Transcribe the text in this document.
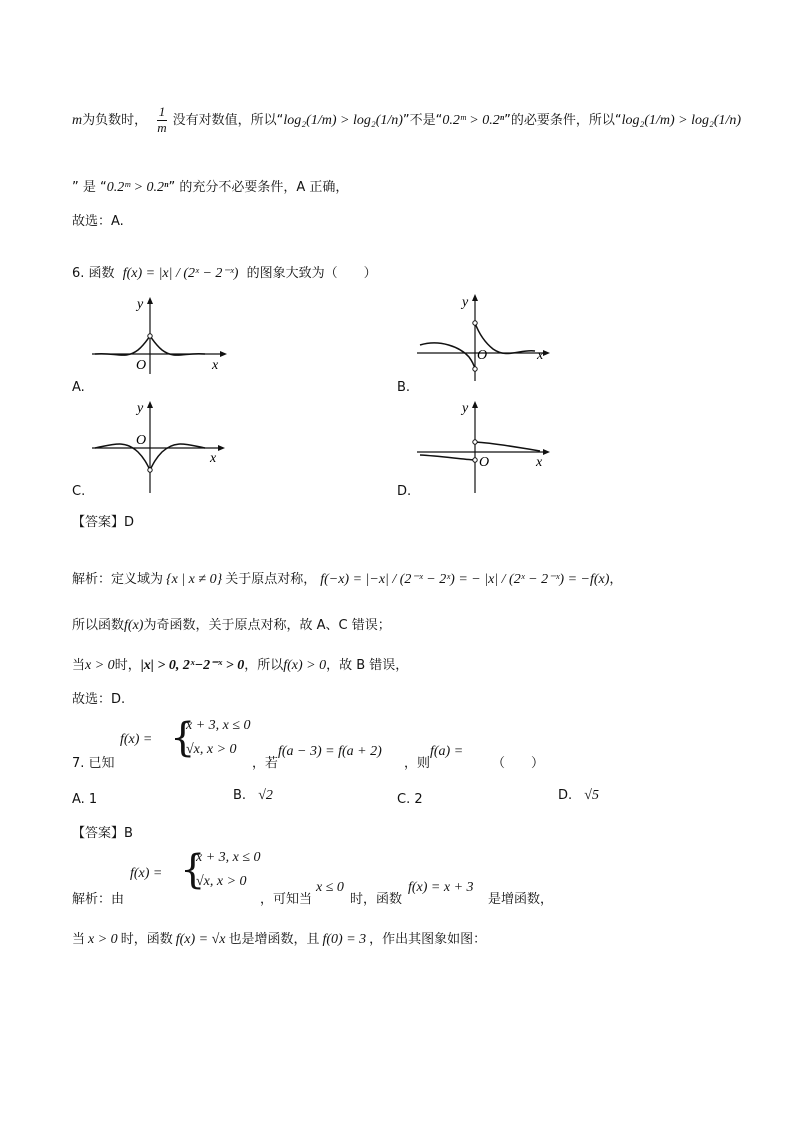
m为负数时， $\frac{1}{m}$ 没有对数值，所以“log₂(1/m) > log₂(1/n)”不是“0.2ᵐ > 0.2ⁿ”的必要条件，所以“log₂(1/m) > log₂(1/n)
” 是 “0.2ᵐ > 0.2ⁿ” 的充分不必要条件，A 正确，
故选：A.
6. 函数 f(x) = |x| / (2ˣ − 2⁻ˣ) 的图象大致为（　　）
y
x
O
A.
y
x
O
B.
y
x
O
C.
y
x
O
D.
【答案】D
解析：定义域为 {x | x ≠ 0} 关于原点对称， f(−x) = |−x| / (2⁻ˣ − 2ˣ) = − |x| / (2ˣ − 2⁻ˣ) = −f(x)，
所以函数f(x)为奇函数，关于原点对称，故 A、C 错误；
当x > 0时，|x| > 0, 2ˣ−2⁻ˣ > 0，所以f(x) > 0，故 B 错误，
故选：D.
7. 已知
f(x) = {
x + 3, x ≤ 0
√x, x > 0
，若
f(a − 3) = f(a + 2)
，则
f(a) =
（　　）
A. 1	B. √2	C. 2	D. √5
【答案】B
解析：由
f(x) = {
x + 3, x ≤ 0
√x, x > 0
，可知当
x ≤ 0
时，函数
f(x) = x + 3
是增函数，
当 x > 0 时，函数 f(x) = √x 也是增函数，且 f(0) = 3 ，作出其图象如图：
